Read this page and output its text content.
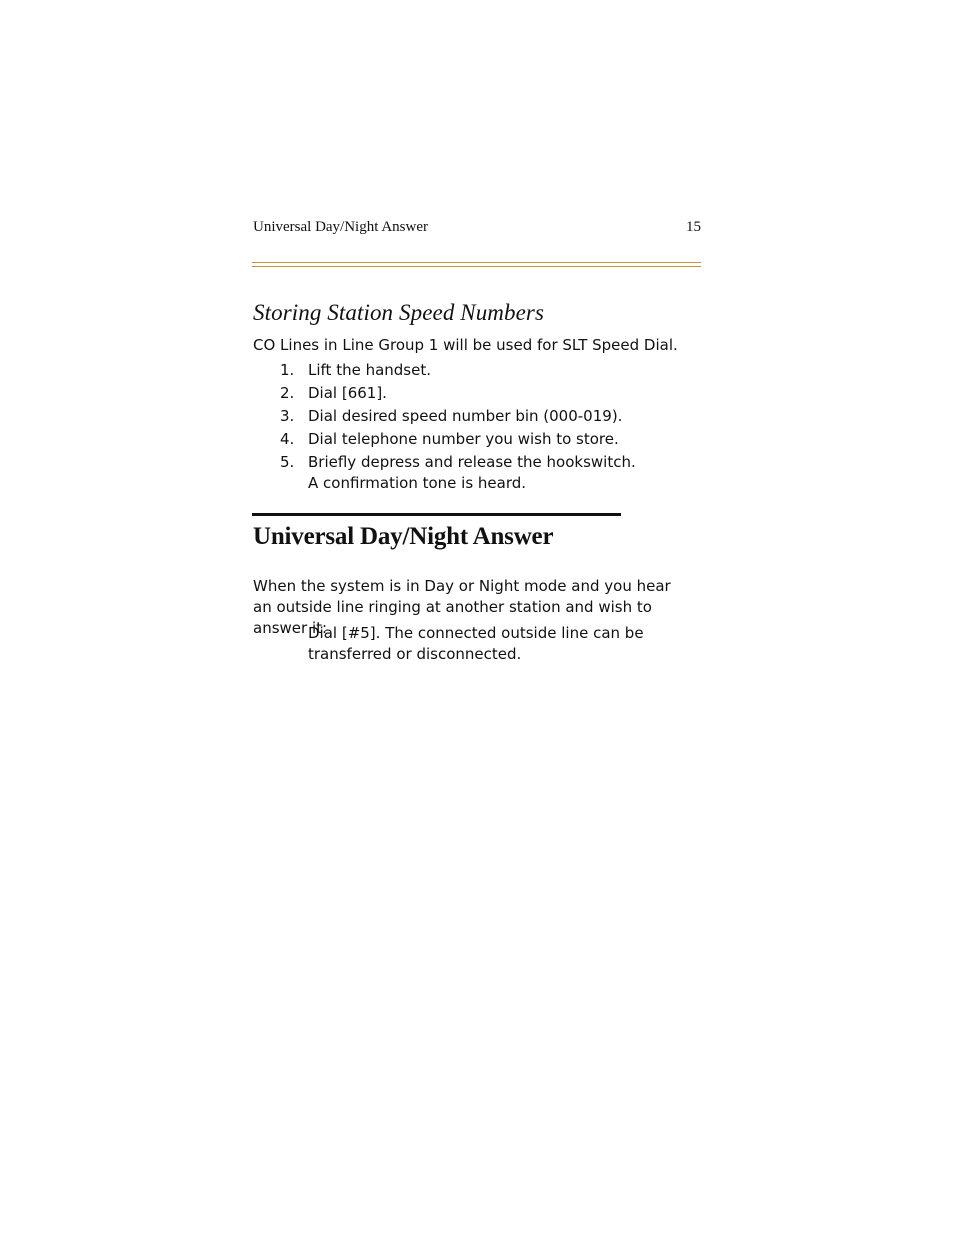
Universal Day/Night Answer	15
Storing Station Speed Numbers

CO Lines in Line Group 1 will be used for SLT Speed Dial.

1. Lift the handset.
2. Dial [661].
3. Dial desired speed number bin (000-019).
4. Dial telephone number you wish to store.
5. Briefly depress and release the hookswitch. A confirmation tone is heard.
Universal Day/Night Answer

When the system is in Day or Night mode and you hear an outside line ringing at another station and wish to answer it:

Dial [#5]. The connected outside line can be transferred or disconnected.
